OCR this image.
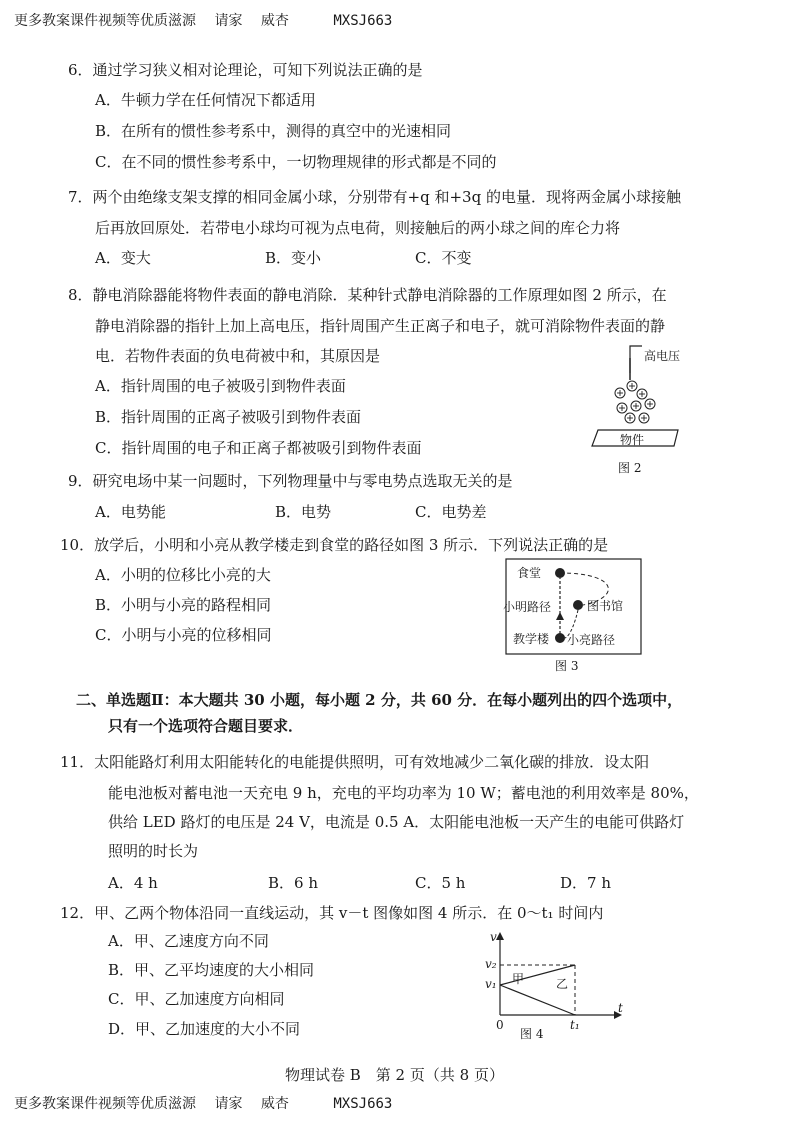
更多教案课件视频等优质滋源 请家 威杏	MXSJ663
6．通过学习狭义相对论理论，可知下列说法正确的是
A．牛顿力学在任何情况下都适用
B．在所有的惯性参考系中，测得的真空中的光速相同
C．在不同的惯性参考系中，一切物理规律的形式都是不同的
7．两个由绝缘支架支撑的相同金属小球，分别带有+q 和+3q 的电量．现将两金属小球接触
后再放回原处．若带电小球均可视为点电荷，则接触后的两小球之间的库仑力将
A．变大	B．变小	C．不变
8．静电消除器能将物件表面的静电消除．某种针式静电消除器的工作原理如图 2 所示，在
静电消除器的指针上加上高电压，指针周围产生正离子和电子，就可消除物件表面的静
电．若物件表面的负电荷被中和，其原因是
A．指针周围的电子被吸引到物件表面
B．指针周围的正离子被吸引到物件表面
C．指针周围的电子和正离子都被吸引到物件表面
高电压
物件
图 2
9．研究电场中某一问题时，下列物理量中与零电势点选取无关的是
A．电势能	B．电势	C．电势差
10．放学后，小明和小亮从教学楼走到食堂的路径如图 3 所示．下列说法正确的是
A．小明的位移比小亮的大
B．小明与小亮的路程相同
C．小明与小亮的位移相同
食堂
小明路径	图书馆
教学楼 小亮路径
图 3
二、单选题Ⅱ：本大题共 30 小题，每小题 2 分，共 60 分．在每小题列出的四个选项中，
只有一个选项符合题目要求．
11．太阳能路灯利用太阳能转化的电能提供照明，可有效地减少二氧化碳的排放．设太阳
能电池板对蓄电池一天充电 9 h，充电的平均功率为 10 W；蓄电池的利用效率是 80%，
供给 LED 路灯的电压是 24 V，电流是 0.5 A．太阳能电池板一天产生的电能可供路灯
照明的时长为
A．4 h	B．6 h	C．5 h	D．7 h
12．甲、乙两个物体沿同一直线运动，其 v－t 图像如图 4 所示．在 0～t₁ 时间内
A．甲、乙速度方向不同
B．甲、乙平均速度的大小相同
C．甲、乙加速度方向相同
D．甲、乙加速度的大小不同
v
t
v₂
v₁
0	t₁
甲	乙
图 4
物理试卷 B　第 2 页（共 8 页）
更多教案课件视频等优质滋源 请家 威杏	MXSJ663
